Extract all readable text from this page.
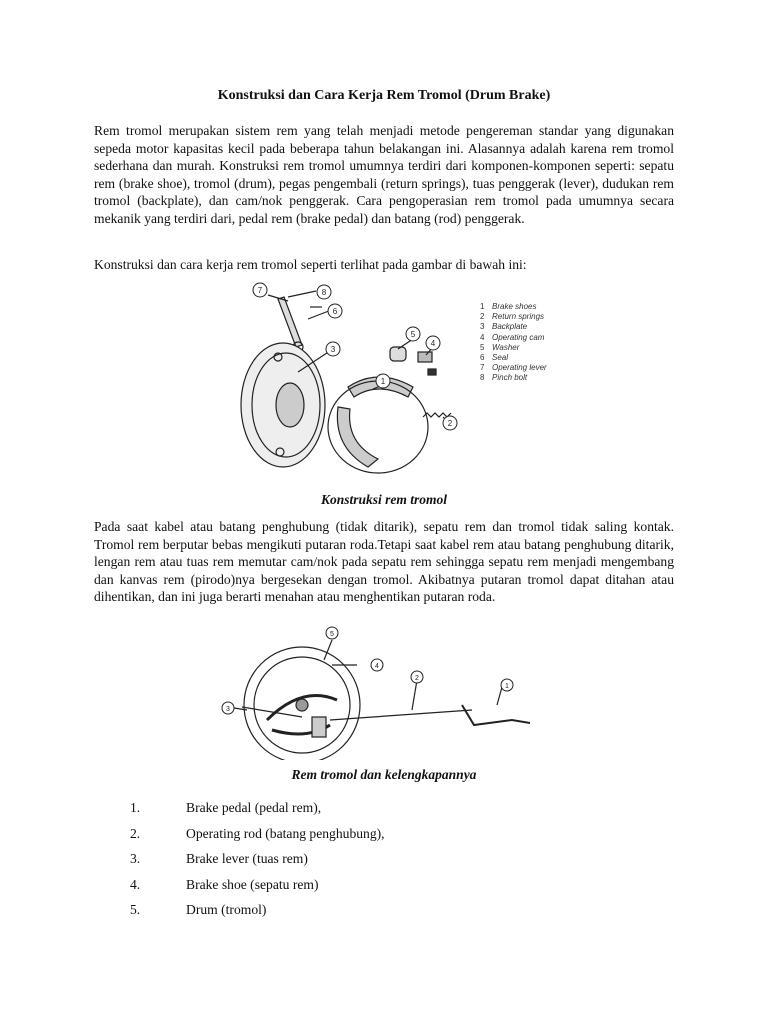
Konstruksi dan Cara Kerja Rem Tromol (Drum Brake)
Rem tromol merupakan sistem rem yang telah menjadi metode pengereman standar yang digunakan sepeda motor kapasitas kecil pada beberapa tahun belakangan ini. Alasannya adalah karena rem tromol sederhana dan murah. Konstruksi rem tromol umumnya terdiri dari komponen-komponen seperti: sepatu rem (brake shoe), tromol (drum), pegas pengembali (return springs), tuas penggerak (lever), dudukan rem tromol (backplate), dan cam/nok penggerak. Cara pengoperasian rem tromol pada umumnya secara mekanik yang terdiri dari, pedal rem (brake pedal) dan batang (rod) penggerak.
Konstruksi dan cara kerja rem tromol seperti terlihat pada gambar di bawah ini:
7	8
6
3
5
4
1
2
1 Brake shoes
2 Return springs
3 Backplate
4 Operating cam
5 Washer
6 Seal
7 Operating lever
8 Pinch bolt
Konstruksi rem tromol
Pada saat kabel atau batang penghubung (tidak ditarik), sepatu rem dan tromol tidak saling kontak. Tromol rem berputar bebas mengikuti putaran roda.Tetapi saat kabel rem atau batang penghubung ditarik, lengan rem atau tuas rem memutar cam/nok pada sepatu rem sehingga sepatu rem menjadi mengembang dan kanvas rem (pirodo)nya bergesekan dengan tromol. Akibatnya putaran tromol dapat ditahan atau dihentikan, dan ini juga berarti menahan atau menghentikan putaran roda.
5
4
3
2
1
Rem tromol dan kelengkapannya
1.	Brake pedal (pedal rem),
2.	Operating rod (batang penghubung),
3.	Brake lever (tuas rem)
4.	Brake shoe (sepatu rem)
5.	Drum (tromol)
